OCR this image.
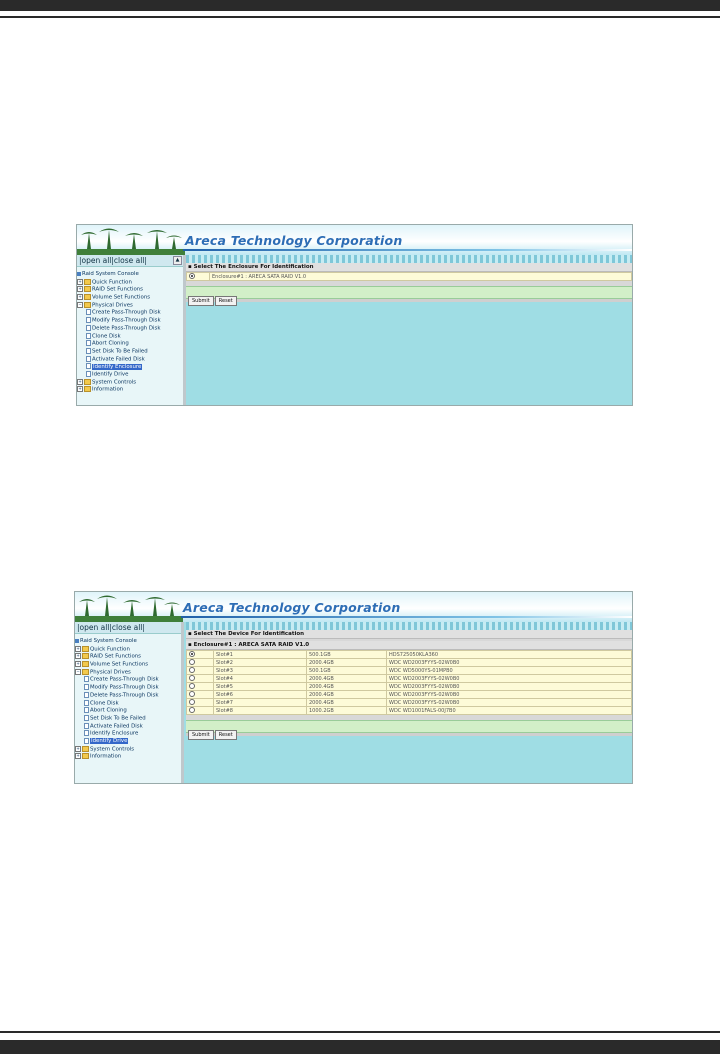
Areca Technology Corporation
|open all|close all|	▲
Raid System Console
+ Quick Function
+ RAID Set Functions
+ Volume Set Functions
− Physical Drives
Create Pass-Through Disk
Modify Pass-Through Disk
Delete Pass-Through Disk
Clone Disk
Abort Cloning
Set Disk To Be Failed
Activate Failed Disk
Identify Enclosure
Identify Drive
+ System Controls
+ Information
▪ Select The Enclosure For Identification
	Enclosure#1 : ARECA SATA RAID V1.0
Submit Reset
Areca Technology Corporation
|open all|close all|
Raid System Console
+ Quick Function
+ RAID Set Functions
+ Volume Set Functions
− Physical Drives
Create Pass-Through Disk
Modify Pass-Through Disk
Delete Pass-Through Disk
Clone Disk
Abort Cloning
Set Disk To Be Failed
Activate Failed Disk
Identify Enclosure
Identify Drive
+ System Controls
+ Information
▪ Select The Device For Identification
▪ Enclosure#1 : ARECA SATA RAID V1.0
	Slot#1	500.1GB	HDS725050KLA360
	Slot#2	2000.4GB	WDC WD2003FYYS-02W0B0
	Slot#3	500.1GB	WDC WD5000YS-01MPB0
	Slot#4	2000.4GB	WDC WD2003FYYS-02W0B0
	Slot#5	2000.4GB	WDC WD2003FYYS-02W0B0
	Slot#6	2000.4GB	WDC WD2003FYYS-02W0B0
	Slot#7	2000.4GB	WDC WD2003FYYS-02W0B0
	Slot#8	1000.2GB	WDC WD1001FALS-00J7B0
Submit Reset
